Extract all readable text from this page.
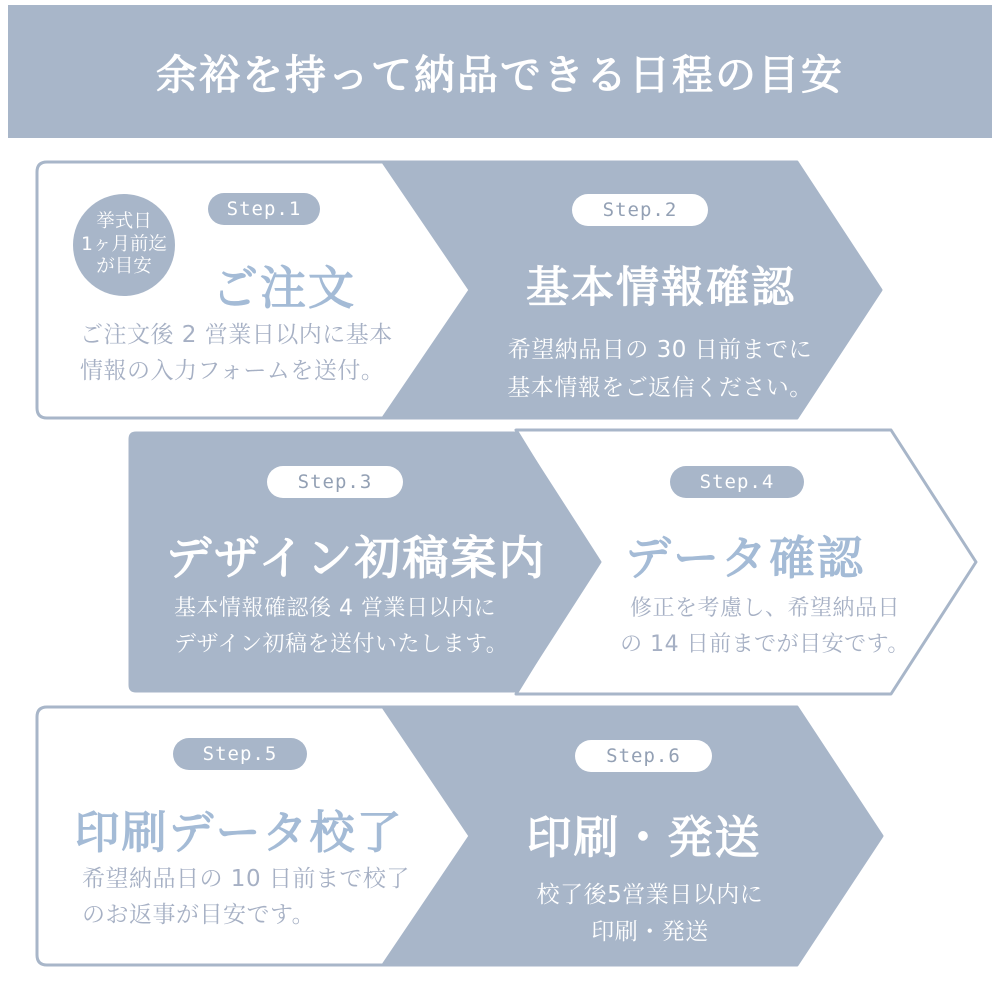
余裕を持って納品できる日程の目安
挙式日
1ヶ月前迄
が目安
Step.1
ご注文
ご注文後 2 営業日以内に基本
情報の入力フォームを送付。
Step.2
基本情報確認
希望納品日の 30 日前までに
基本情報をご返信ください。
Step.3
デザイン初稿案内
基本情報確認後 4 営業日以内に
デザイン初稿を送付いたします。
Step.4
データ確認
修正を考慮し、希望納品日
の 14 日前までが目安です。
Step.5
印刷データ校了
希望納品日の 10 日前まで校了
のお返事が目安です。
Step.6
印刷・発送
校了後5営業日以内に
印刷・発送
